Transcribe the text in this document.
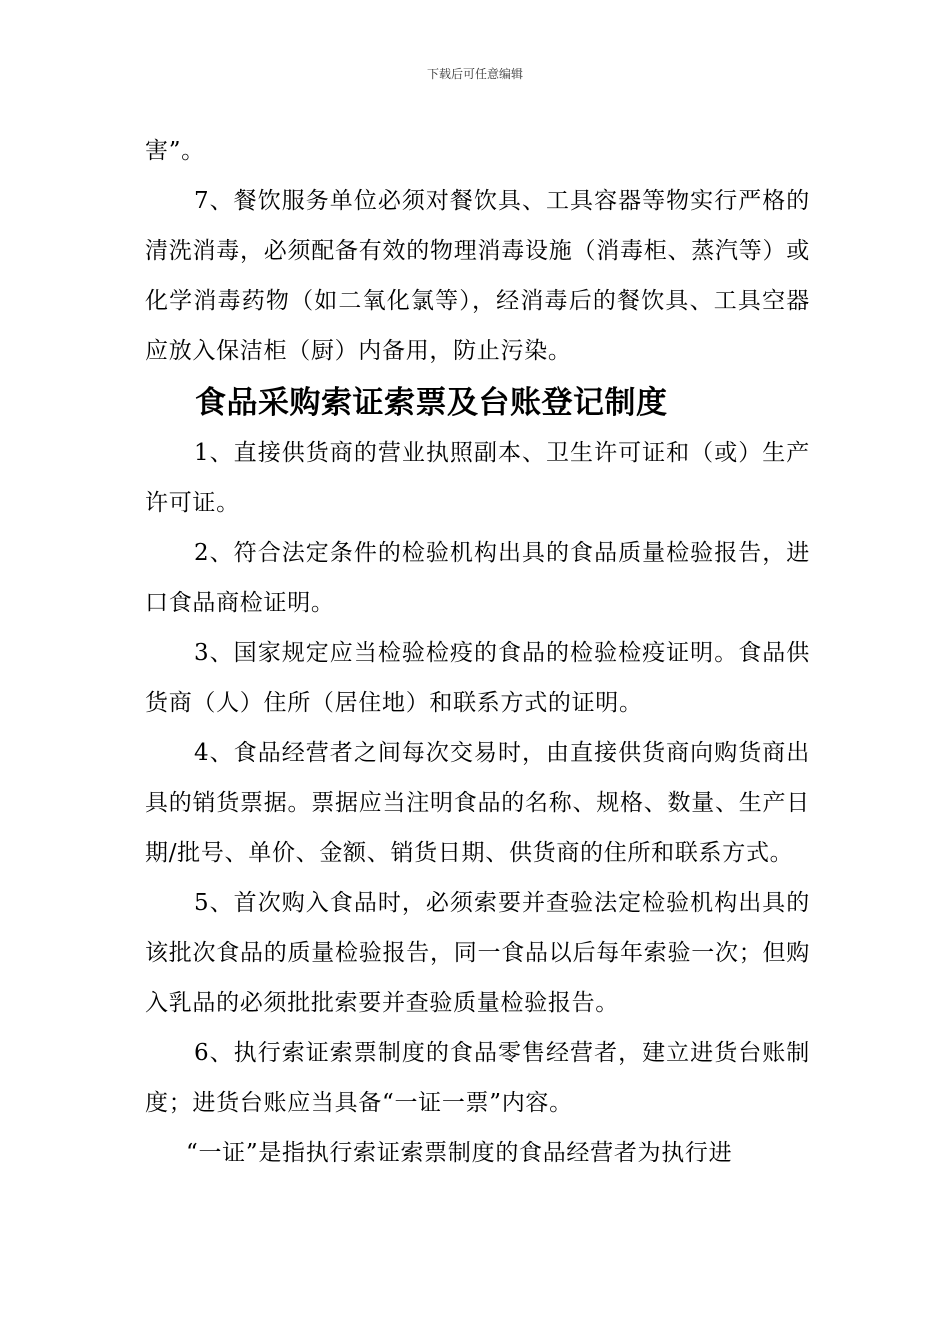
下载后可任意编辑

害”。

7、餐饮服务单位必须对餐饮具、工具容器等物实行严格的清洗消毒，必须配备有效的物理消毒设施（消毒柜、蒸汽等）或化学消毒药物（如二氧化氯等），经消毒后的餐饮具、工具空器应放入保洁柜（厨）内备用，防止污染。

食品采购索证索票及台账登记制度

1、直接供货商的营业执照副本、卫生许可证和（或）生产许可证。

2、符合法定条件的检验机构出具的食品质量检验报告，进口食品商检证明。

3、国家规定应当检验检疫的食品的检验检疫证明。食品供货商（人）住所（居住地）和联系方式的证明。

4、食品经营者之间每次交易时，由直接供货商向购货商出具的销货票据。票据应当注明食品的名称、规格、数量、生产日期/批号、单价、金额、销货日期、供货商的住所和联系方式。

5、首次购入食品时，必须索要并查验法定检验机构出具的该批次食品的质量检验报告，同一食品以后每年索验一次；但购入乳品的必须批批索要并查验质量检验报告。

6、执行索证索票制度的食品零售经营者，建立进货台账制度；进货台账应当具备“一证一票”内容。

“一证”是指执行索证索票制度的食品经营者为执行进
